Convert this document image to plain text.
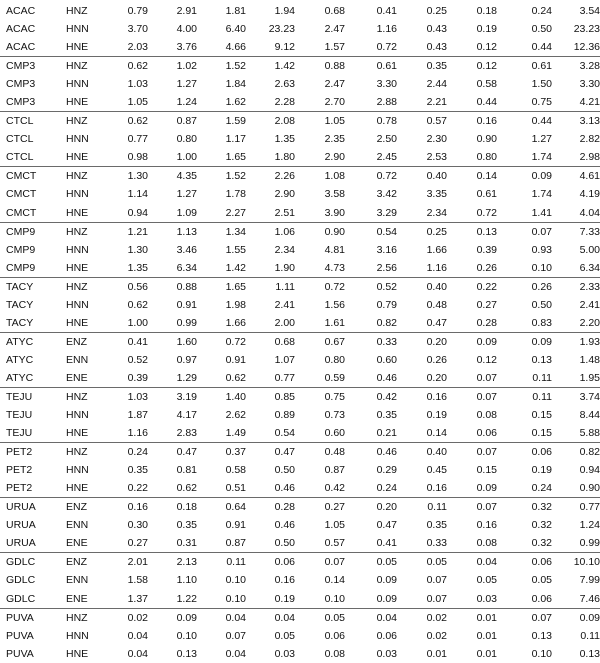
ACAC	HNZ	0.79	2.91	1.81	1.94	0.68	0.41	0.25	0.18	0.24	3.54
ACAC	HNN	3.70	4.00	6.40	23.23	2.47	1.16	0.43	0.19	0.50	23.23
ACAC	HNE	2.03	3.76	4.66	9.12	1.57	0.72	0.43	0.12	0.44	12.36
CMP3	HNZ	0.62	1.02	1.52	1.42	0.88	0.61	0.35	0.12	0.61	3.28
CMP3	HNN	1.03	1.27	1.84	2.63	2.47	3.30	2.44	0.58	1.50	3.30
CMP3	HNE	1.05	1.24	1.62	2.28	2.70	2.88	2.21	0.44	0.75	4.21
CTCL	HNZ	0.62	0.87	1.59	2.08	1.05	0.78	0.57	0.16	0.44	3.13
CTCL	HNN	0.77	0.80	1.17	1.35	2.35	2.50	2.30	0.90	1.27	2.82
CTCL	HNE	0.98	1.00	1.65	1.80	2.90	2.45	2.53	0.80	1.74	2.98
CMCT	HNZ	1.30	4.35	1.52	2.26	1.08	0.72	0.40	0.14	0.09	4.61
CMCT	HNN	1.14	1.27	1.78	2.90	3.58	3.42	3.35	0.61	1.74	4.19
CMCT	HNE	0.94	1.09	2.27	2.51	3.90	3.29	2.34	0.72	1.41	4.04
CMP9	HNZ	1.21	1.13	1.34	1.06	0.90	0.54	0.25	0.13	0.07	7.33
CMP9	HNN	1.30	3.46	1.55	2.34	4.81	3.16	1.66	0.39	0.93	5.00
CMP9	HNE	1.35	6.34	1.42	1.90	4.73	2.56	1.16	0.26	0.10	6.34
TACY	HNZ	0.56	0.88	1.65	1.11	0.72	0.52	0.40	0.22	0.26	2.33
TACY	HNN	0.62	0.91	1.98	2.41	1.56	0.79	0.48	0.27	0.50	2.41
TACY	HNE	1.00	0.99	1.66	2.00	1.61	0.82	0.47	0.28	0.83	2.20
ATYC	ENZ	0.41	1.60	0.72	0.68	0.67	0.33	0.20	0.09	0.09	1.93
ATYC	ENN	0.52	0.97	0.91	1.07	0.80	0.60	0.26	0.12	0.13	1.48
ATYC	ENE	0.39	1.29	0.62	0.77	0.59	0.46	0.20	0.07	0.11	1.95
TEJU	HNZ	1.03	3.19	1.40	0.85	0.75	0.42	0.16	0.07	0.11	3.74
TEJU	HNN	1.87	4.17	2.62	0.89	0.73	0.35	0.19	0.08	0.15	8.44
TEJU	HNE	1.16	2.83	1.49	0.54	0.60	0.21	0.14	0.06	0.15	5.88
PET2	HNZ	0.24	0.47	0.37	0.47	0.48	0.46	0.40	0.07	0.06	0.82
PET2	HNN	0.35	0.81	0.58	0.50	0.87	0.29	0.45	0.15	0.19	0.94
PET2	HNE	0.22	0.62	0.51	0.46	0.42	0.24	0.16	0.09	0.24	0.90
URUA	ENZ	0.16	0.18	0.64	0.28	0.27	0.20	0.11	0.07	0.32	0.77
URUA	ENN	0.30	0.35	0.91	0.46	1.05	0.47	0.35	0.16	0.32	1.24
URUA	ENE	0.27	0.31	0.87	0.50	0.57	0.41	0.33	0.08	0.32	0.99
GDLC	ENZ	2.01	2.13	0.11	0.06	0.07	0.05	0.05	0.04	0.06	10.10
GDLC	ENN	1.58	1.10	0.10	0.16	0.14	0.09	0.07	0.05	0.05	7.99
GDLC	ENE	1.37	1.22	0.10	0.19	0.10	0.09	0.07	0.03	0.06	7.46
PUVA	HNZ	0.02	0.09	0.04	0.04	0.05	0.04	0.02	0.01	0.07	0.09
PUVA	HNN	0.04	0.10	0.07	0.05	0.06	0.06	0.02	0.01	0.13	0.11
PUVA	HNE	0.04	0.13	0.04	0.03	0.08	0.03	0.01	0.01	0.10	0.13
